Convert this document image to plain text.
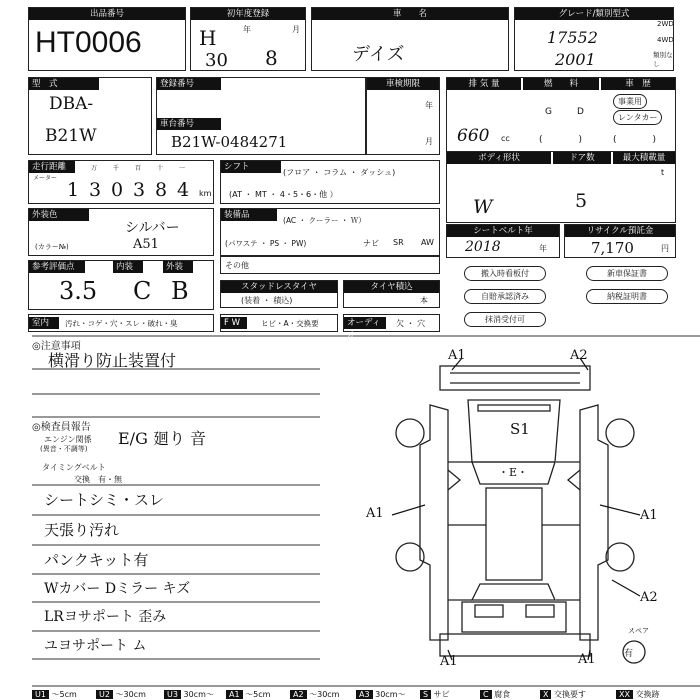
出品番号
HT0006
初年度登録
H	年
30
月
8
車　　名
デイズ
グレード/類別型式
17552
2001
2WD
4WD
類別なし
型　式
DBA-
B21W
登録番号
車台番号
B21W-0484271
車検期限
年
月
排 気 量	燃　　料	車　歴
660 cc
G	D
(　　　　)
事業用
レンタカー
(　　　　)
走行距離
メーター
万	千	百	十	一
1 3 0 3 8 4 km
シフト
(フロア ・ コラム ・ ダッシュ)
(AT ・ MT ・ 4・5・6・他 ）
ボディ形状	ドア数	最大積載量
t
W	5
外装色
シルバー
(カラー№)	A51
装備品
(AC ・ クーラー ・ Ｗ）
(パワステ ・ PS ・ PW)	ナビ SR AW
その他
シートベルト年
2018	年
リサイクル預託金
7,170	円
参考評価点	内装	外装
3.5 C B	スタッドレスタイヤ
(装着 ・ 積込)
タイヤ積込
本
搬入時看板付	新車保証書
自賠承認済み	納税証明書
抹消受付可
室内	汚れ・コゲ・穴・スレ・破れ・臭	F W	ヒビ・A・交換要	オーディオ
欠 ・ 穴
◎注意事項
横滑り防止装置付
◎検査員報告
エンジン関係
(異音・不調等)
E/G 廻り 音
タイミングベルト
交換　有・無
シートシミ・スレ
天張り汚れ
パンクキット有
Wカバー Dミラー キズ
LRヨサポート 歪み
ユヨサポート ム
A1	A2
S1
・E・
A1	A1
A2
A1	A1
スペア
有
U1 ～5cm	U2 ～30cm	U3 30cm～	A1 ～5cm	A2 ～30cm	A3 30cm～	S サビ	C 腐食	X 交換要す	XX 交換跡
